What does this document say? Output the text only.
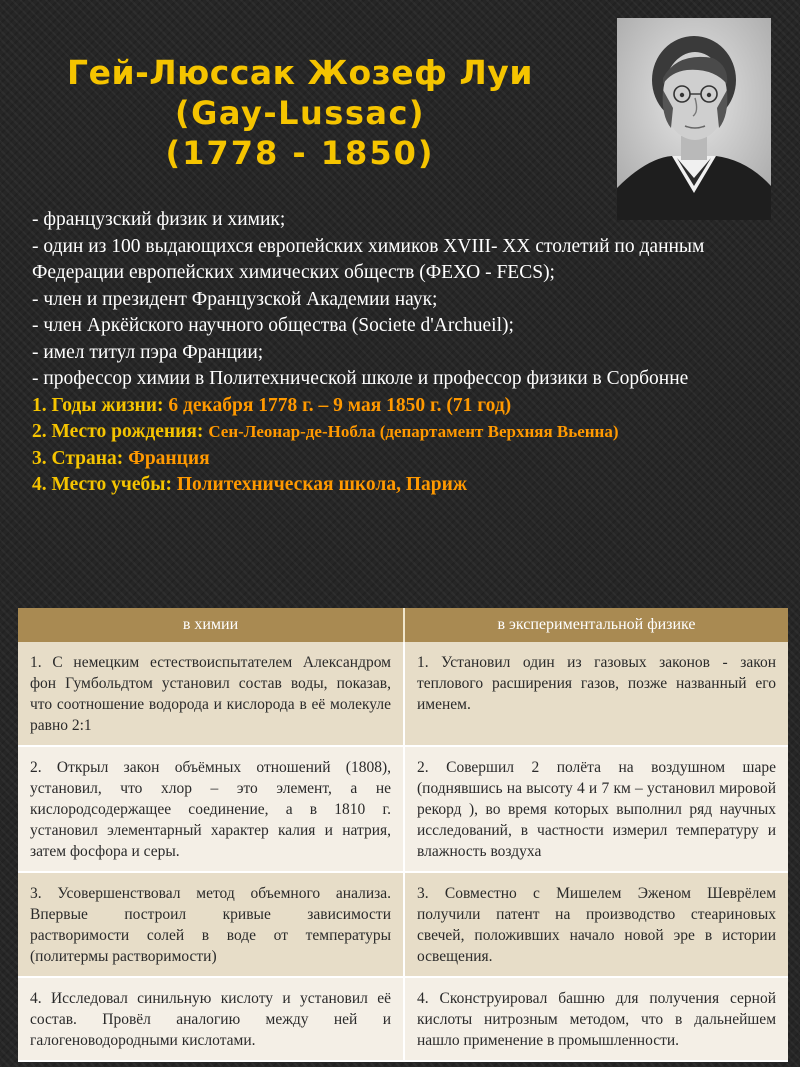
Гей-Люссак Жозеф Луи
(Gay-Lussac)
(1778 - 1850)

- французский физик и химик;

- один из 100 выдающихся европейских химиков XVIII- XX столетий по данным Федерации европейских химических обществ (ФЕХО - FECS);

- член и президент Французской Академии наук;

- член Аркёйского научного общества (Societe d'Archueil);

- имел титул пэра Франции;

- профессор химии в Политехнической школе и профессор физики в Сорбонне

1. Годы жизни: 6 декабря 1778 г. – 9 мая 1850 г. (71 год)

2. Место рождения: Сен-Леонар-де-Нобла (департамент Верхняя Вьенна)

3. Страна: Франция

4. Место учебы: Политехническая школа, Париж

в химии	в экспериментальной физике
1. С немецким естествоиспытателем Александром фон Гумбольдтом установил состав воды, показав, что соотношение водорода и кислорода в её молекуле равно 2:1	1. Установил один из газовых законов - закон теплового расширения газов, позже названный его именем.
2. Открыл закон объёмных отношений (1808), установил, что хлор – это элемент, а не кислородсодержащее соединение, а в 1810 г. установил элементарный характер калия и натрия, затем фосфора и серы.	2. Совершил 2 полёта на воздушном шаре (поднявшись на высоту 4 и 7 км – установил мировой рекорд ), во время которых выполнил ряд научных исследований, в частности измерил температуру и влажность воздуха
3. Усовершенствовал метод объемного анализа. Впервые построил кривые зависимости растворимости солей в воде от температуры (политермы растворимости)	3. Совместно с Мишелем Эженом Шеврёлем получили патент на производство стеариновых свечей, положивших начало новой эре в истории освещения.
4. Исследовал синильную кислоту и установил её состав. Провёл аналогию между ней и галогеноводородными кислотами.	4. Сконструировал башню для получения серной кислоты нитрозным методом, что в дальнейшем нашло применение в промышленности.
